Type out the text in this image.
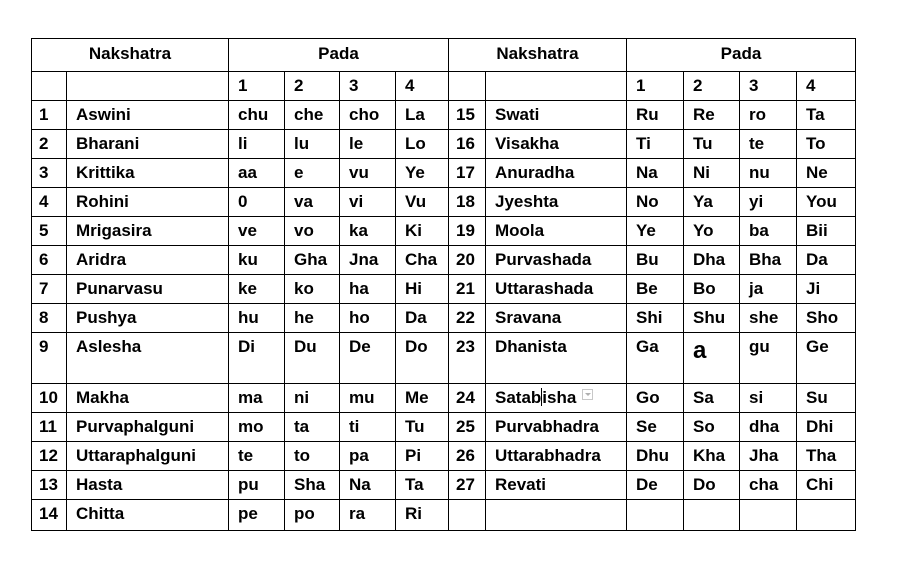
Nakshatra		Pada				Nakshatra		Pada			
		1	2	3	4			1	2	3	4
1	Aswini	chu	che	cho	La	15	Swati	Ru	Re	ro	Ta
2	Bharani	li	lu	le	Lo	16	Visakha	Ti	Tu	te	To
3	Krittika	aa	e	vu	Ye	17	Anuradha	Na	Ni	nu	Ne
4	Rohini	0	va	vi	Vu	18	Jyeshta	No	Ya	yi	You
5	Mrigasira	ve	vo	ka	Ki	19	Moola	Ye	Yo	ba	Bii
6	Aridra	ku	Gha	Jna	Cha	20	Purvashada	Bu	Dha	Bha	Da
7	Punarvasu	ke	ko	ha	Hi	21	Uttarashada	Be	Bo	ja	Ji
8	Pushya	hu	he	ho	Da	22	Sravana	Shi	Shu	she	Sho
9	Aslesha	Di	Du	De	Do	23	Dhanista	Ga	a	gu	Ge
10	Makha	ma	ni	mu	Me	24	Satabisha	Go	Sa	si	Su
11	Purvaphalguni	mo	ta	ti	Tu	25	Purvabhadra	Se	So	dha	Dhi
12	Uttaraphalguni	te	to	pa	Pi	26	Uttarabhadra	Dhu	Kha	Jha	Tha
13	Hasta	pu	Sha	Na	Ta	27	Revati	De	Do	cha	Chi
14	Chitta	pe	po	ra	Ri						
